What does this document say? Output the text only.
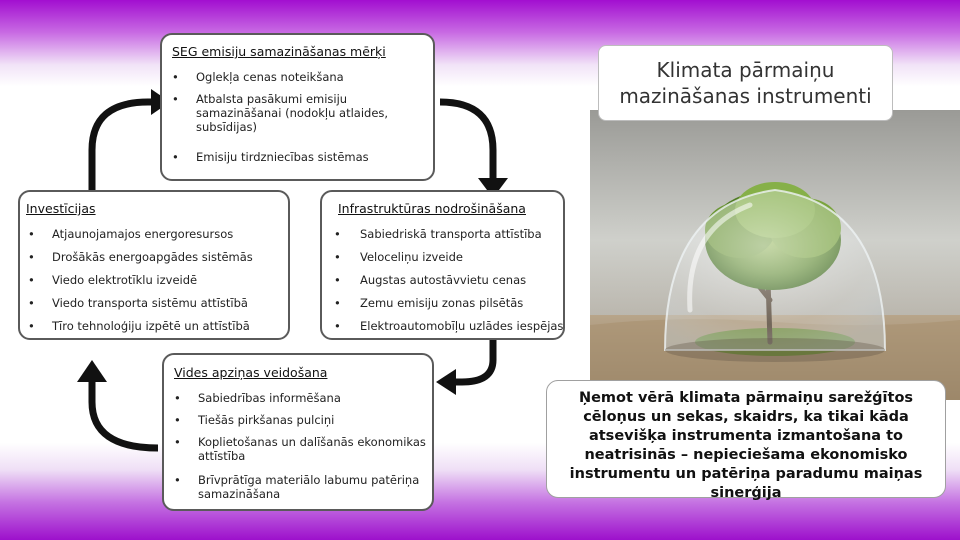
SEG emisiju samazināšanas mērķi
• Oglekļa cenas noteikšana
• Atbalsta pasākumi emisiju samazināšanai (nodokļu atlaides, subsīdijas)
• Emisiju tirdzniecības sistēmas
Investīcijas
• Atjaunojamajos energoresursos
• Drošākās energoapgādes sistēmās
• Viedo elektrotīklu izveidē
• Viedo transporta sistēmu attīstībā
• Tīro tehnoloģiju izpētē un attīstībā
Infrastruktūras nodrošināšana
• Sabiedriskā transporta attīstība
• Veloceliņu izveide
• Augstas autostāvvietu cenas
• Zemu emisiju zonas pilsētās
• Elektroautomobīļu uzlādes iespējas
Vides apziņas veidošana
• Sabiedrības informēšana
• Tiešās pirkšanas pulciņi
• Koplietošanas un dalīšanās ekonomikas attīstība
• Brīvprātīga materiālo labumu patēriņa samazināšana
Klimata pārmaiņu mazināšanas instrumenti
Ņemot vērā klimata pārmaiņu sarežģītos cēloņus un sekas, skaidrs, ka tikai kāda atsevišķa instrumenta izmantošana to neatrisinās – nepieciešama ekonomisko instrumentu un patēriņa paradumu maiņas sinerģija
